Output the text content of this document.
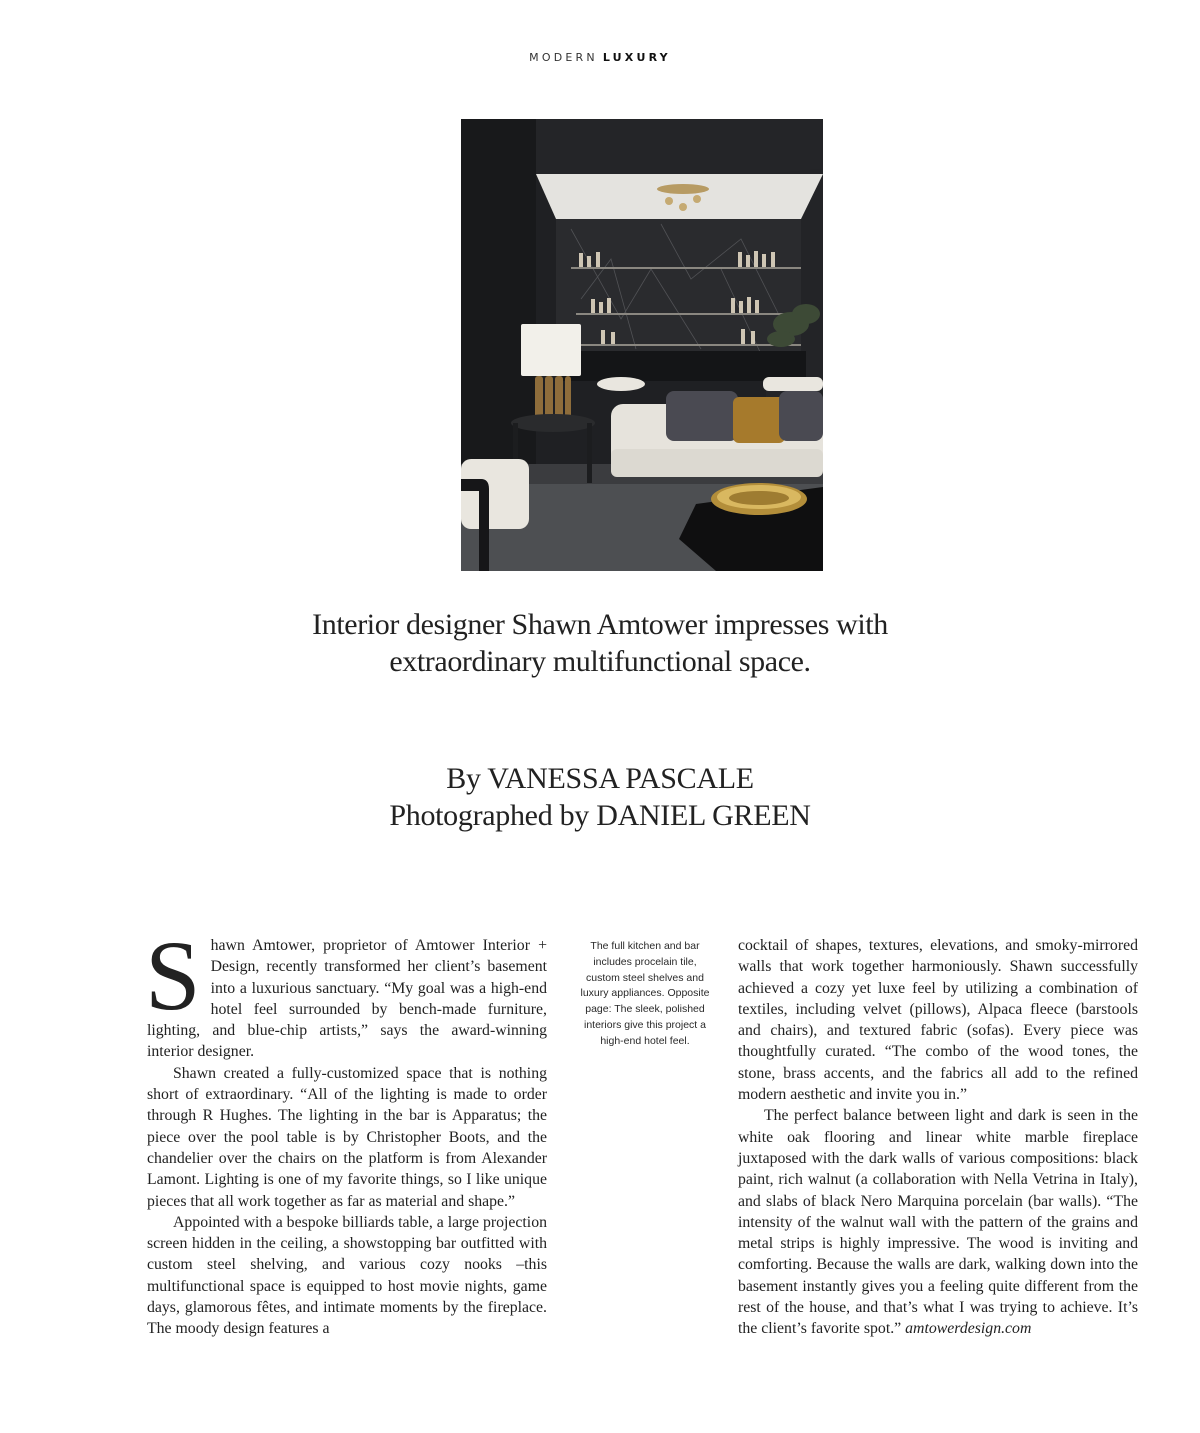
MODERN LUXURY
Interior designer Shawn Amtower impresses with
extraordinary multifunctional space.
By VANESSA PASCALE
Photographed by DANIEL GREEN

Shawn Amtower, proprietor of Amtower Interior + Design, recently transformed her client’s basement into a luxurious sanctuary. “My goal was a high-end hotel feel surrounded by bench-made furniture, lighting, and blue-chip artists,” says the award-winning interior designer.

Shawn created a fully-customized space that is nothing short of extraordinary. “All of the lighting is made to order through R Hughes. The lighting in the bar is Apparatus; the piece over the pool table is by Christopher Boots, and the chandelier over the chairs on the platform is from Alexander Lamont. Lighting is one of my favorite things, so I like unique pieces that all work together as far as material and shape.”

Appointed with a bespoke billiards table, a large projection screen hidden in the ceiling, a showstopping bar outfitted with custom steel shelving, and various cozy nooks –this multifunctional space is equipped to host movie nights, game days, glamorous fêtes, and intimate moments by the fireplace. The moody design features a

The full kitchen and bar includes procelain tile, custom steel shelves and luxury appliances. Opposite page: The sleek, polished interiors give this project a high-end hotel feel.

cocktail of shapes, textures, elevations, and smoky-mirrored walls that work together harmoniously. Shawn successfully achieved a cozy yet luxe feel by utilizing a combination of textiles, including velvet (pillows), Alpaca fleece (barstools and chairs), and textured fabric (sofas). Every piece was thoughtfully curated. “The combo of the wood tones, the stone, brass accents, and the fabrics all add to the refined modern aesthetic and invite you in.”

The perfect balance between light and dark is seen in the white oak flooring and linear white marble fireplace juxtaposed with the dark walls of various compositions: black paint, rich walnut (a collaboration with Nella Vetrina in Italy), and slabs of black Nero Marquina porcelain (bar walls). “The intensity of the walnut wall with the pattern of the grains and metal strips is highly impressive. The wood is inviting and comforting. Because the walls are dark, walking down into the basement instantly gives you a feeling quite different from the rest of the house, and that’s what I was trying to achieve. It’s the client’s favorite spot.” amtowerdesign.com
